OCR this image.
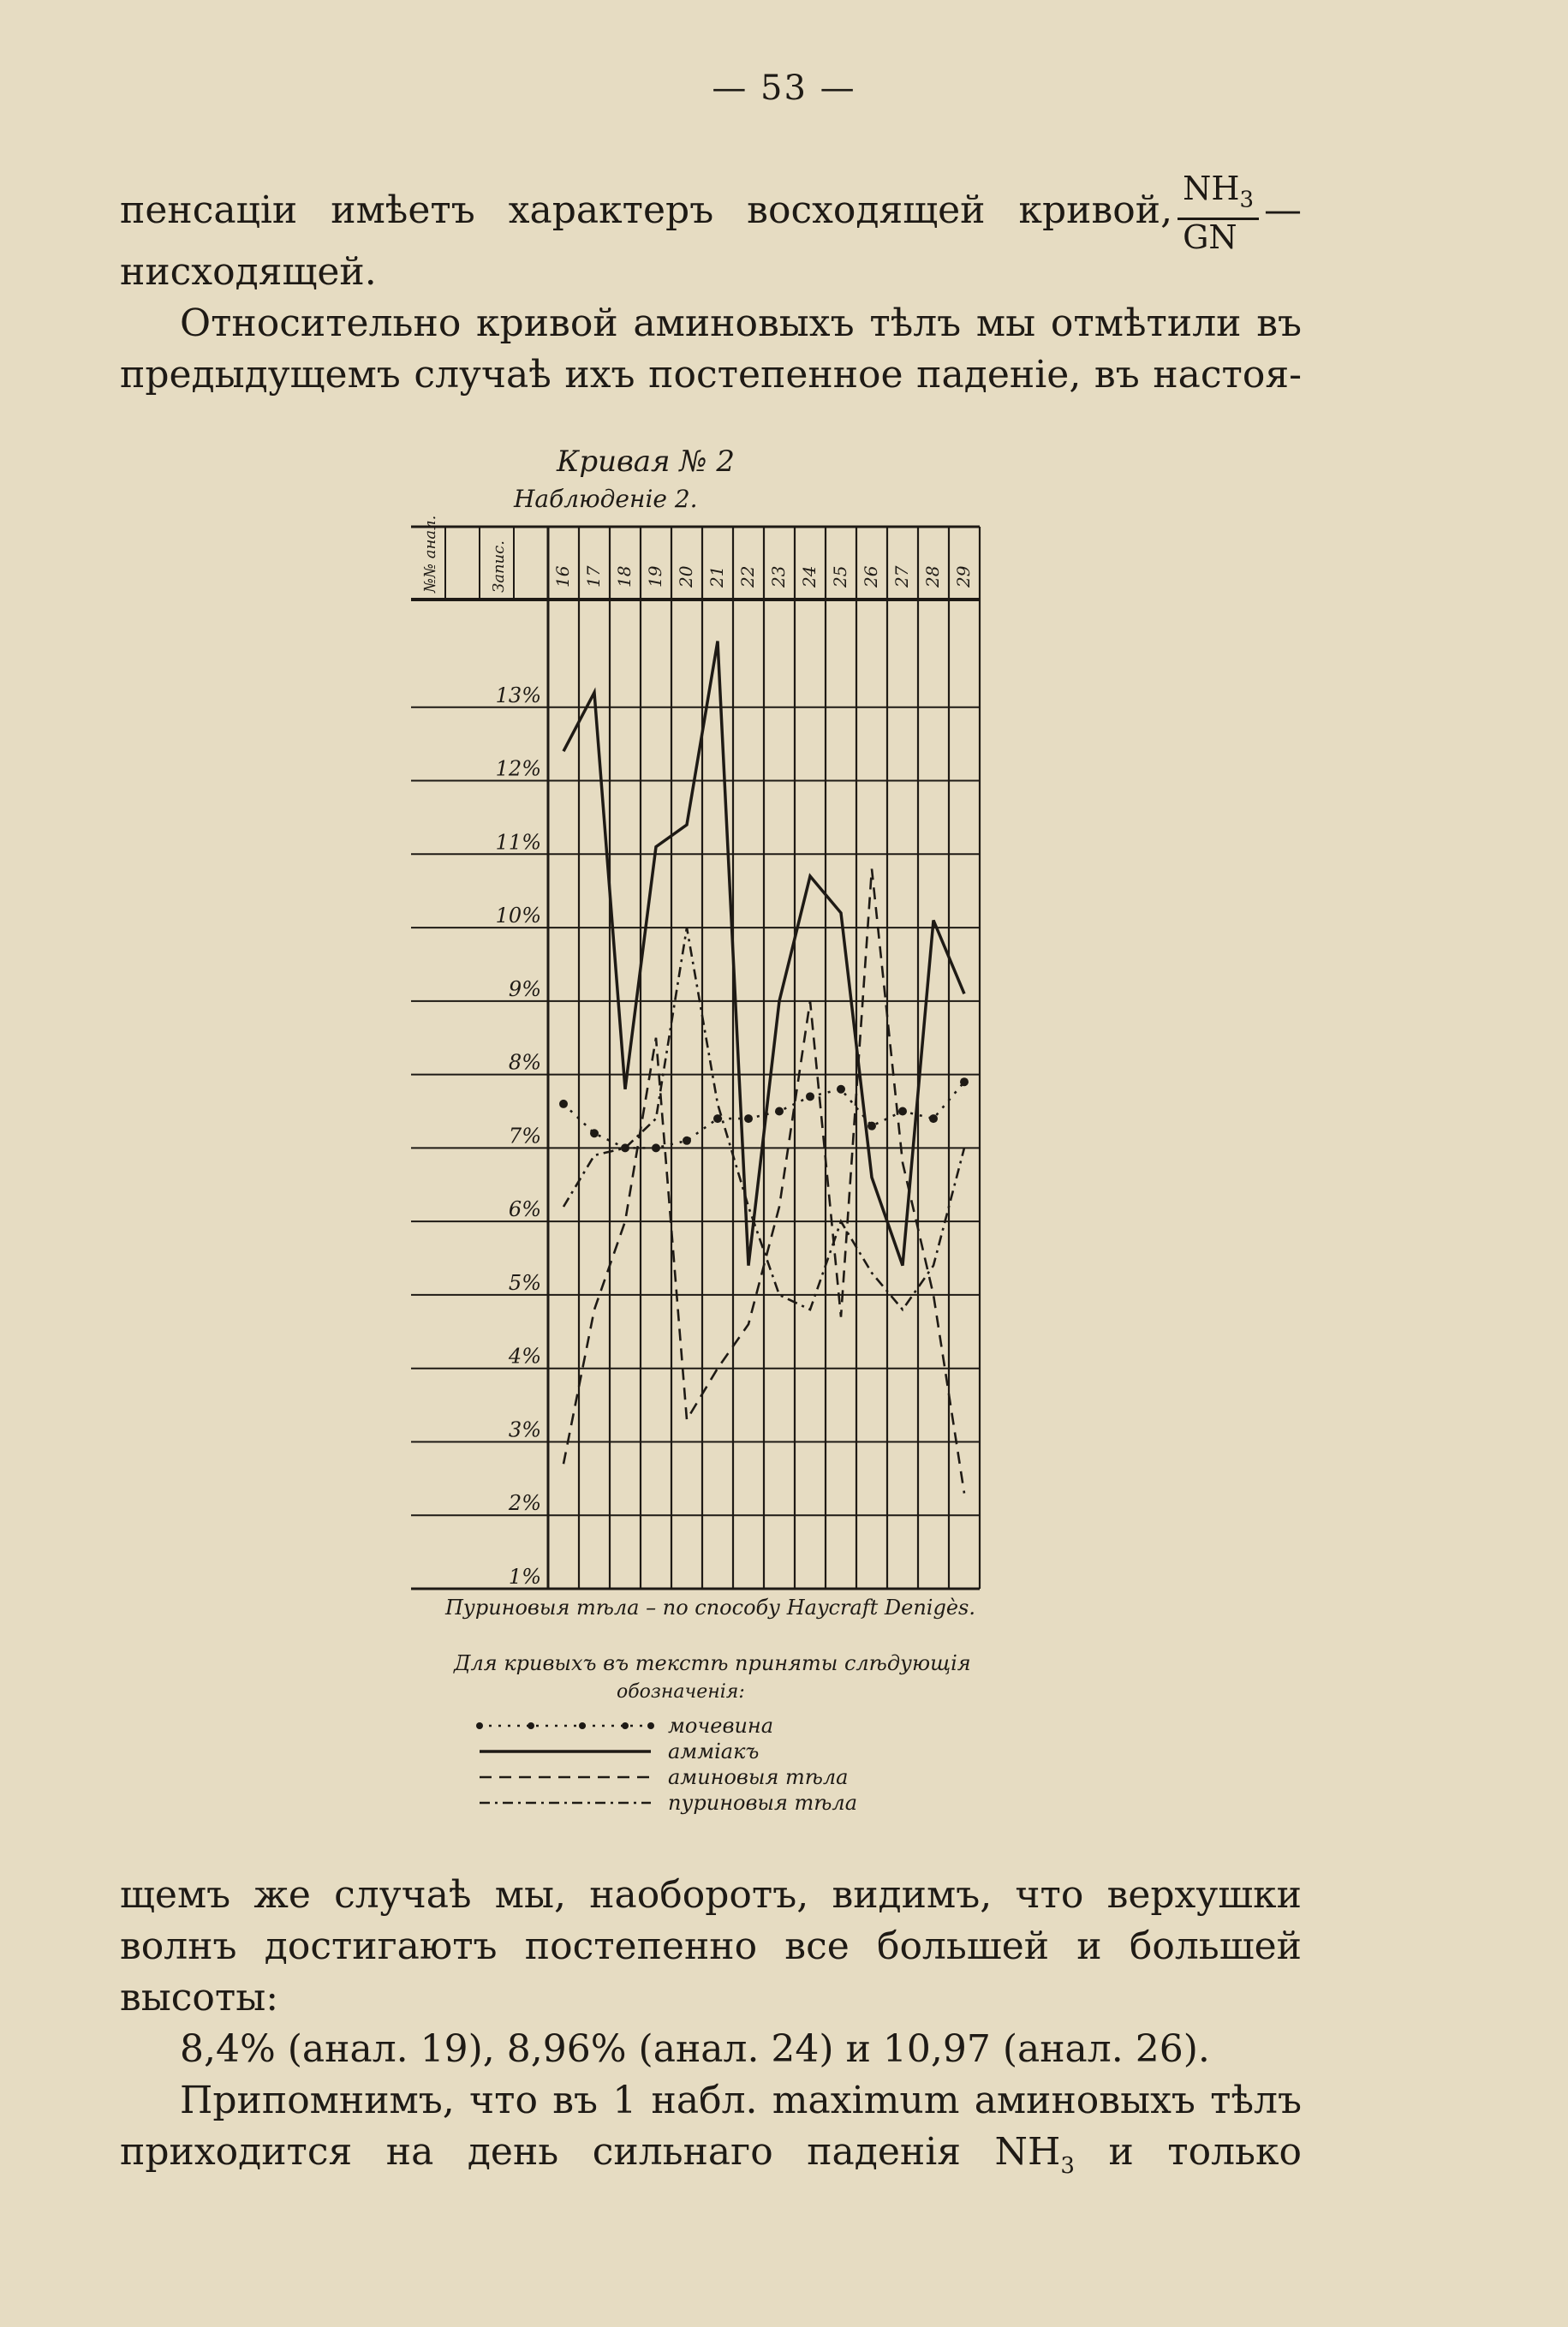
— 53 —
пенсаціи имѣетъ характеръ восходящей кривой, $\frac{NH_3}{GN}$ —
нисходящей.
Относительно кривой аминовыхъ тѣлъ мы отмѣтили въ
предыдущемъ случаѣ ихъ постепенное паденіе, въ настоя-
Кривая № 2
Наблюденіе 2.
№№ анал.	Запис.	16 17 18 19 20 21 22 23 24 25 26 27 28 29
13%
12%
11%
10%
9%
8%
7%
6%
5%
4%
3%
2%
1%
Пуриновыя тѣла – по способу Haycraft Denigès.
Для кривыхъ въ текстѣ приняты слѣдующія
обозначенія:
мочевина
аммiакъ
аминовыя тѣла
пуриновыя тѣла
щемъ же случаѣ мы, наоборотъ, видимъ, что верхушки
волнъ достигаютъ постепенно все большей и большей
высоты:
8,4% (анал. 19), 8,96% (анал. 24) и 10,97 (анал. 26).
Припомнимъ, что въ 1 набл. maximum аминовыхъ тѣлъ
приходится на день сильнаго паденія $NH_3$ и только
